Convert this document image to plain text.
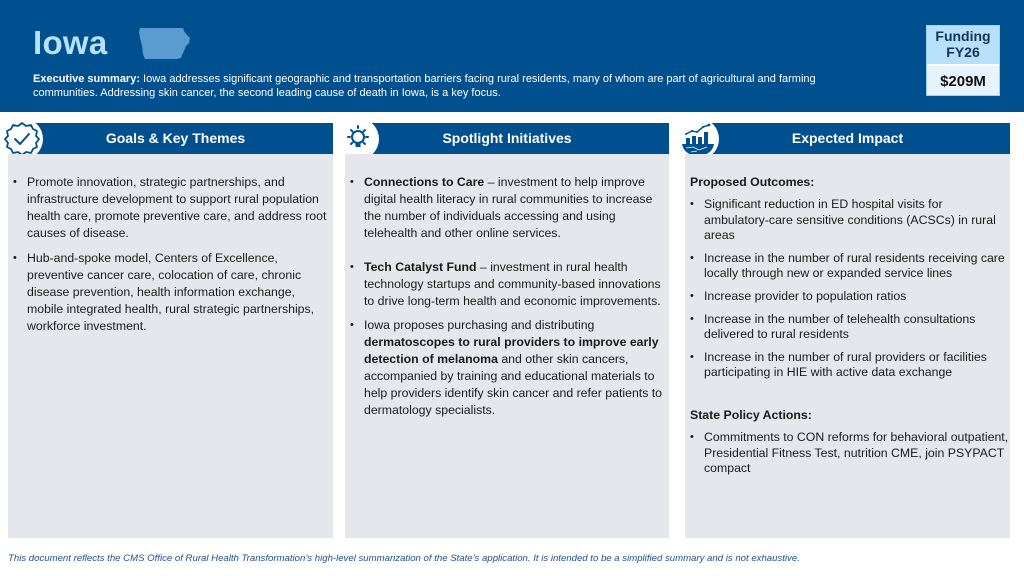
Iowa
Executive summary: Iowa addresses significant geographic and transportation barriers facing rural residents, many of whom are part of agricultural and farming communities. Addressing skin cancer, the second leading cause of death in Iowa, is a key focus.
Funding
FY26
$209M
Goals & Key Themes
• Promote innovation, strategic partnerships, and infrastructure development to support rural population health care, promote preventive care, and address root causes of disease.
• Hub-and-spoke model, Centers of Excellence, preventive cancer care, colocation of care, chronic disease prevention, health information exchange, mobile integrated health, rural strategic partnerships, workforce investment.
Spotlight Initiatives
• Connections to Care – investment to help improve digital health literacy in rural communities to increase the number of individuals accessing and using telehealth and other online services.
• Tech Catalyst Fund – investment in rural health technology startups and community-based innovations to drive long-term health and economic improvements.
• Iowa proposes purchasing and distributing dermatoscopes to rural providers to improve early detection of melanoma and other skin cancers, accompanied by training and educational materials to help providers identify skin cancer and refer patients to dermatology specialists.
Expected Impact
Proposed Outcomes:
• Significant reduction in ED hospital visits for ambulatory-care sensitive conditions (ACSCs) in rural areas
• Increase in the number of rural residents receiving care locally through new or expanded service lines
• Increase provider to population ratios
• Increase in the number of telehealth consultations delivered to rural residents
• Increase in the number of rural providers or facilities participating in HIE with active data exchange
State Policy Actions:
• Commitments to CON reforms for behavioral outpatient, Presidential Fitness Test, nutrition CME, join PSYPACT compact
This document reflects the CMS Office of Rural Health Transformation’s high-level summarization of the State’s application. It is intended to be a simplified summary and is not exhaustive.
